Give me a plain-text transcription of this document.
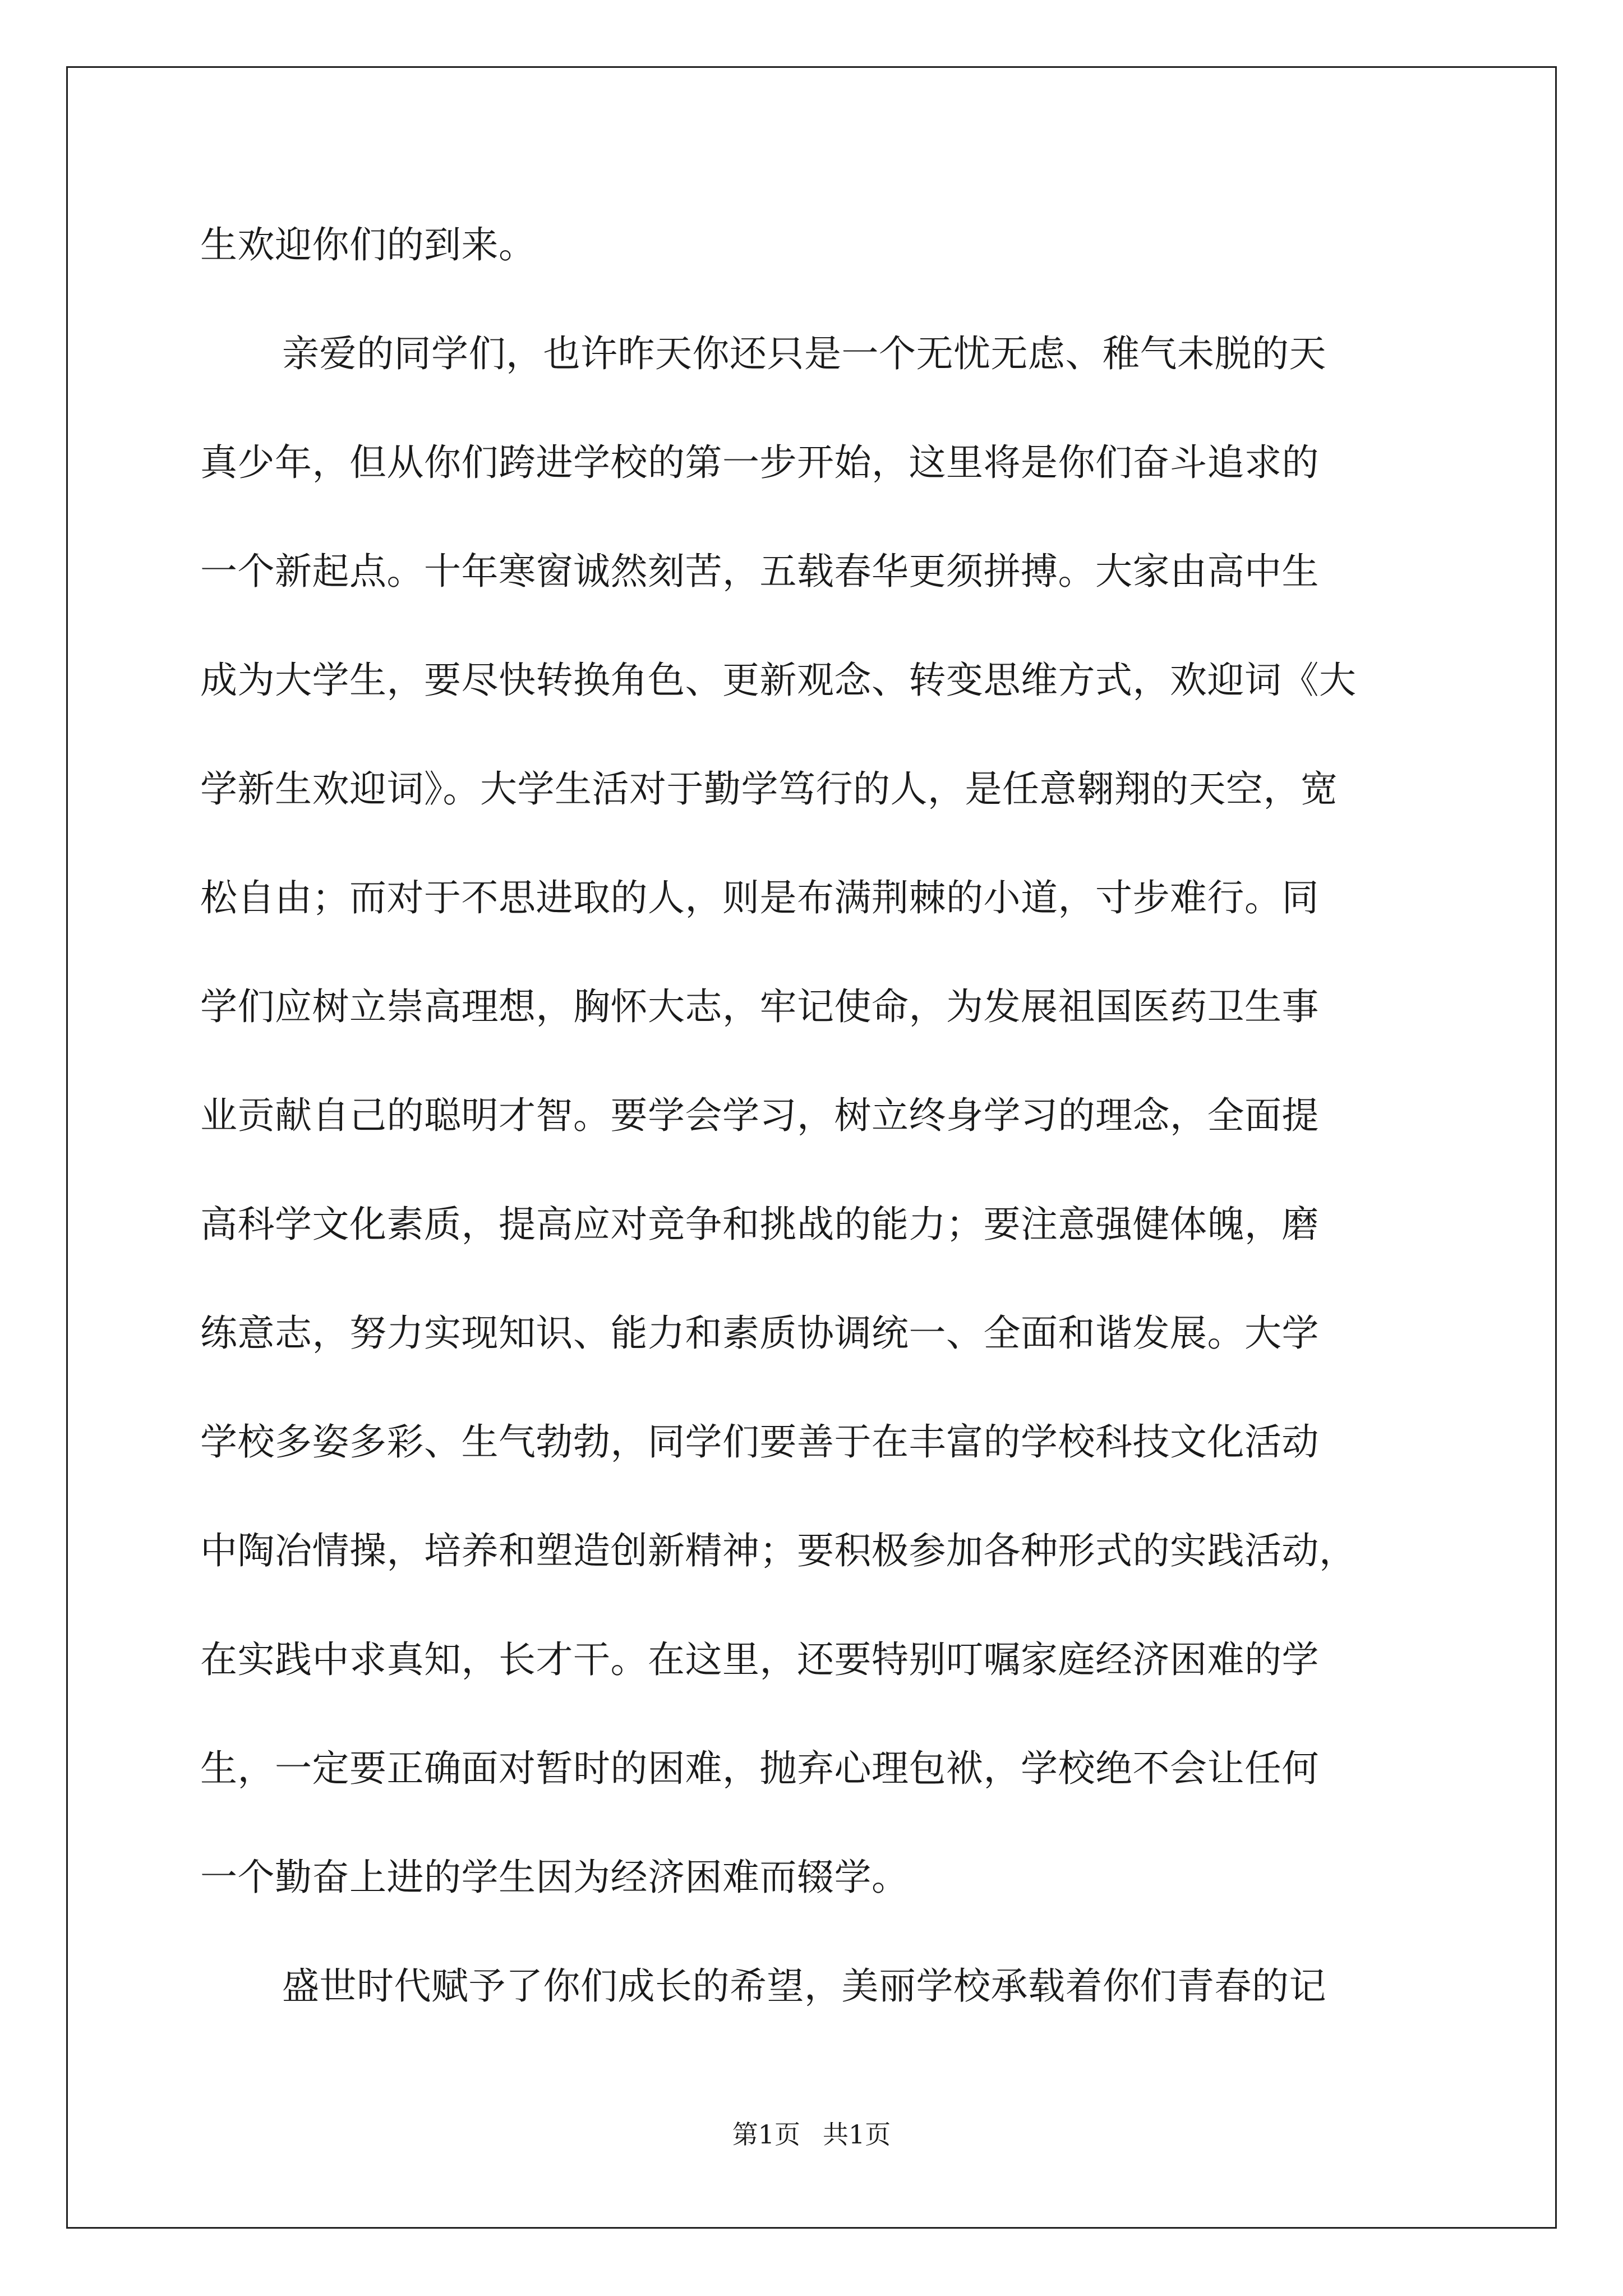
生欢迎你们的到来。
亲爱的同学们，也许昨天你还只是一个无忧无虑、稚气未脱的天
真少年，但从你们跨进学校的第一步开始，这里将是你们奋斗追求的
一个新起点。十年寒窗诚然刻苦，五载春华更须拼搏。大家由高中生
成为大学生，要尽快转换角色、更新观念、转变思维方式，欢迎词《大
学新生欢迎词》。大学生活对于勤学笃行的人，是任意翱翔的天空，宽
松自由；而对于不思进取的人，则是布满荆棘的小道，寸步难行。同
学们应树立崇高理想，胸怀大志，牢记使命，为发展祖国医药卫生事
业贡献自己的聪明才智。要学会学习，树立终身学习的理念，全面提
高科学文化素质，提高应对竞争和挑战的能力；要注意强健体魄，磨
练意志，努力实现知识、能力和素质协调统一、全面和谐发展。大学
学校多姿多彩、生气勃勃，同学们要善于在丰富的学校科技文化活动
中陶冶情操，培养和塑造创新精神；要积极参加各种形式的实践活动，
在实践中求真知，长才干。在这里，还要特别叮嘱家庭经济困难的学
生，一定要正确面对暂时的困难，抛弃心理包袱，学校绝不会让任何
一个勤奋上进的学生因为经济困难而辍学。
盛世时代赋予了你们成长的希望，美丽学校承载着你们青春的记
第1页 共1页
